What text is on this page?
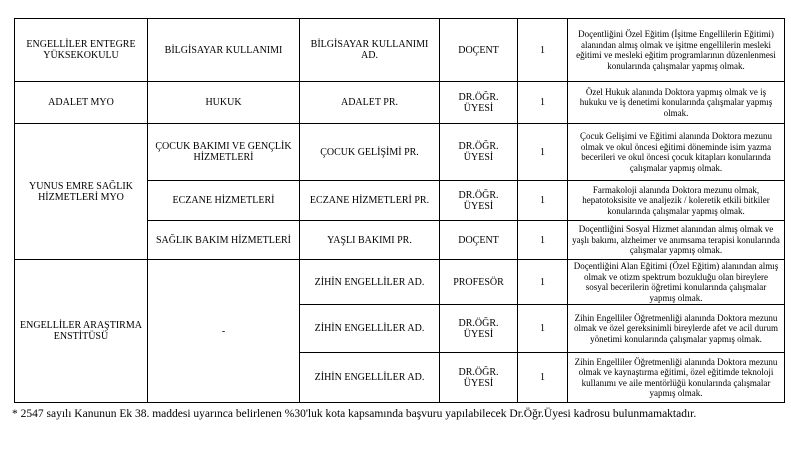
ENGELLİLER ENTEGRE YÜKSEKOKULU	BİLGİSAYAR KULLANIMI	BİLGİSAYAR KULLANIMI AD.	DOÇENT	1	Doçentliğini Özel Eğitim (İşitme Engellilerin Eğitimi) alanından almış olmak ve işitme engellilerin mesleki eğitimi ve mesleki eğitim programlarının düzenlenmesi konularında çalışmalar yapmış olmak.
ADALET MYO	HUKUK	ADALET PR.	DR.ÖĞR. ÜYESİ	1	Özel Hukuk alanında Doktora yapmış olmak ve iş hukuku ve iş denetimi konularında çalışmalar yapmış olmak.
YUNUS EMRE SAĞLIK HİZMETLERİ MYO	ÇOCUK BAKIMI VE GENÇLİK HİZMETLERİ	ÇOCUK GELİŞİMİ PR.	DR.ÖĞR. ÜYESİ	1	Çocuk Gelişimi ve Eğitimi alanında Doktora mezunu olmak ve okul öncesi eğitimi döneminde isim yazma becerileri ve okul öncesi çocuk kitapları konularında çalışmalar yapmış olmak.
	ECZANE HİZMETLERİ	ECZANE HİZMETLERİ PR.	DR.ÖĞR. ÜYESİ	1	Farmakoloji alanında Doktora mezunu olmak, hepatotoksisite ve analjezik / koleretik etkili bitkiler konularında çalışmalar yapmış olmak.
	SAĞLIK BAKIM HİZMETLERİ	YAŞLI BAKIMI PR.	DOÇENT	1	Doçentliğini Sosyal Hizmet alanından almış olmak ve yaşlı bakımı, alzheimer ve anımsama terapisi konularında çalışmalar yapmış olmak.
ENGELLİLER ARAŞTIRMA ENSTİTÜSÜ	-	ZİHİN ENGELLİLER AD.	PROFESÖR	1	Doçentliğini Alan Eğitimi (Özel Eğitim) alanından almış olmak ve otizm spektrum bozukluğu olan bireylere sosyal becerilerin öğretimi konularında çalışmalar yapmış olmak.
		ZİHİN ENGELLİLER AD.	DR.ÖĞR. ÜYESİ	1	Zihin Engelliler Öğretmenliği alanında Doktora mezunu olmak ve özel gereksinimli bireylerde afet ve acil durum yönetimi konularında çalışmalar yapmış olmak.
		ZİHİN ENGELLİLER AD.	DR.ÖĞR. ÜYESİ	1	Zihin Engelliler Öğretmenliği alanında Doktora mezunu olmak ve kaynaştırma eğitimi, özel eğitimde teknoloji kullanımı ve aile mentörlüğü konularında çalışmalar yapmış olmak.
* 2547 sayılı Kanunun Ek 38. maddesi uyarınca belirlenen %30'luk kota kapsamında başvuru yapılabilecek Dr.Öğr.Üyesi kadrosu bulunmamaktadır.
